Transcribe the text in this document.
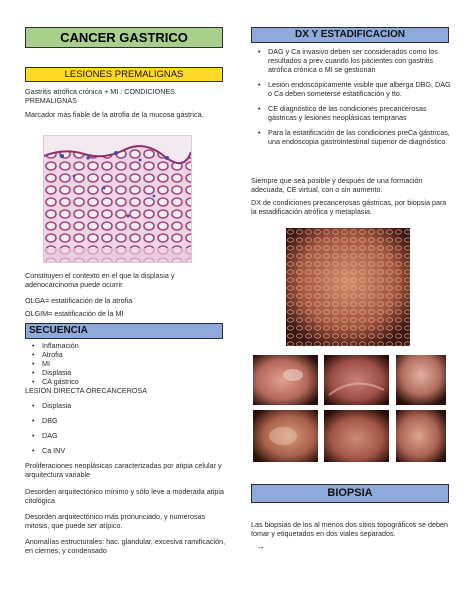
CANCER GASTRICO
LESIONES PREMALIGNAS
Gastritis atrófica crónica + MI : CONDICIONES PREMALIGNAS
Marcador más fiable de la atrofia de la mucosa gástrica.
Constituyen el contexto en el que la displasia y adenocarcinoma puede ocurrir
OLGA= estatificación de la atrofia
OLGIM= estatificación de la MI
SECUENCIA
• Inflamación
• Atrofia
• MI
• Displasia
• CA gástrico
LESION DIRECTA ORECANCEROSA
• Displasia
• DBG
• DAG
• Ca INV
Proliferaciones neoplásicas caracterizadas por atipia celular y arquitectura variable
Desorden arquitectónico mínimo y sólo leve a moderada atipia citológica
Desorden arquitectónico más pronunciado, y numerosas mitosis, que puede ser atípico.
Anomalías estructurales: hac. glandular, excesiva ramificación, en ciernes, y condensado
DX Y ESTADIFICACION
• DAG y Ca invasivo deben ser considerados como los resultados a prev cuando los pacientes con gastritis atrófica crónica o MI se gestionan
• Lesión endoscópicamente visible que alberga DBG, DAG o Ca deben someterse estatificación y tto.
• CE diagnóstico de las condiciones precancerosas gástricas y lesiones neoplásicas tempranas
• Para la estatificación de las condiciones preCa gástricas, una endoscopia gastrointestinal superior de diagnóstico
Siempre que sea posible y después de una formación adecuada, CE virtual, con o sin aumento.
DX de condiciones precancerosas gástricas, por biopsia para la estadificación atrófica y metaplasia.
BIOPSIA
Las biopsias de los al menos dos sitios topográficos se deben tomar y etiquetados en dos viales separados.
→
